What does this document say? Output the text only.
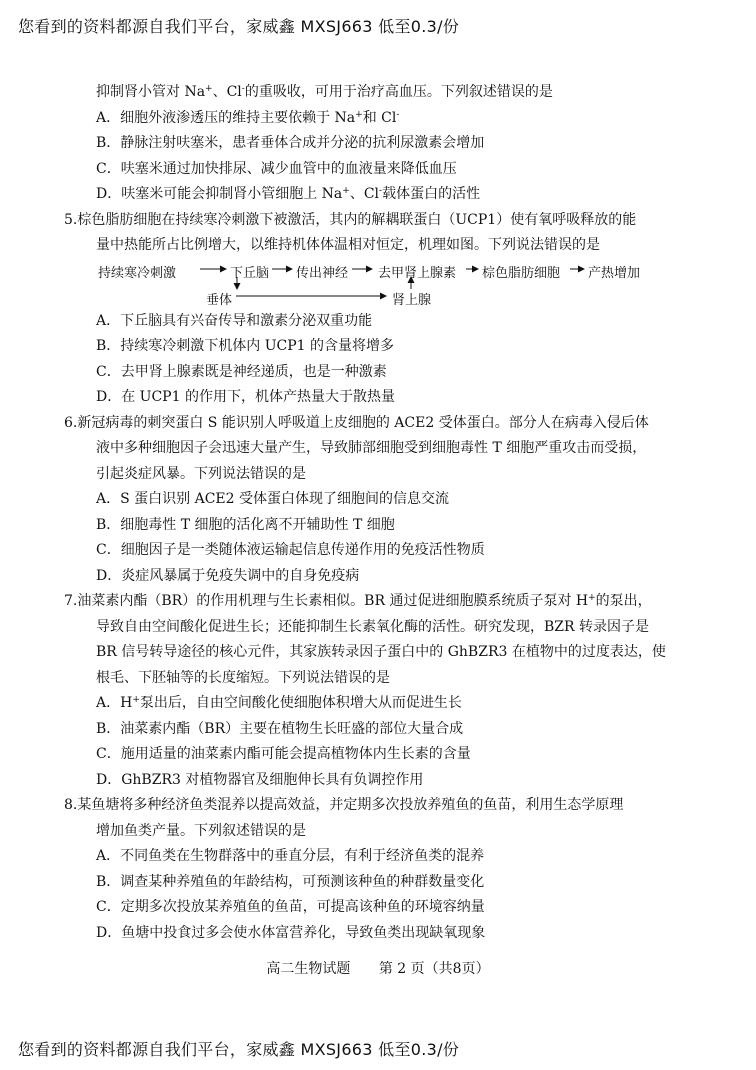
您看到的资料都源自我们平台，家威鑫 MXSJ663 低至0.3/份
抑制肾小管对 Na+、Cl-的重吸收，可用于治疗高血压。下列叙述错误的是
A．细胞外液渗透压的维持主要依赖于 Na+和 Cl-
B．静脉注射呋塞米，患者垂体合成并分泌的抗利尿激素会增加
C．呋塞米通过加快排尿、减少血管中的血液量来降低血压
D．呋塞米可能会抑制肾小管细胞上 Na+、Cl-载体蛋白的活性
5.棕色脂肪细胞在持续寒冷刺激下被激活，其内的解耦联蛋白（UCP1）使有氧呼吸释放的能
量中热能所占比例增大，以维持机体体温相对恒定，机理如图。下列说法错误的是
持续寒冷刺激	下丘脑 传出神经 去甲肾上腺素 棕色脂肪细胞 产热增加
垂体	肾上腺
A．下丘脑具有兴奋传导和激素分泌双重功能
B．持续寒冷刺激下机体内 UCP1 的含量将增多
C．去甲肾上腺素既是神经递质，也是一种激素
D．在 UCP1 的作用下，机体产热量大于散热量
6.新冠病毒的刺突蛋白 S 能识别人呼吸道上皮细胞的 ACE2 受体蛋白。部分人在病毒入侵后体
液中多种细胞因子会迅速大量产生，导致肺部细胞受到细胞毒性 T 细胞严重攻击而受损，
引起炎症风暴。下列说法错误的是
A．S 蛋白识别 ACE2 受体蛋白体现了细胞间的信息交流
B．细胞毒性 T 细胞的活化离不开辅助性 T 细胞
C．细胞因子是一类随体液运输起信息传递作用的免疫活性物质
D．炎症风暴属于免疫失调中的自身免疫病
7.油菜素内酯（BR）的作用机理与生长素相似。BR 通过促进细胞膜系统质子泵对 H+的泵出，
导致自由空间酸化促进生长；还能抑制生长素氧化酶的活性。研究发现，BZR 转录因子是
BR 信号转导途径的核心元件，其家族转录因子蛋白中的 GhBZR3 在植物中的过度表达，使
根毛、下胚轴等的长度缩短。下列说法错误的是
A．H+泵出后，自由空间酸化使细胞体积增大从而促进生长
B．油菜素内酯（BR）主要在植物生长旺盛的部位大量合成
C．施用适量的油菜素内酯可能会提高植物体内生长素的含量
D．GhBZR3 对植物器官及细胞伸长具有负调控作用
8.某鱼塘将多种经济鱼类混养以提高效益，并定期多次投放养殖鱼的鱼苗，利用生态学原理
增加鱼类产量。下列叙述错误的是
A．不同鱼类在生物群落中的垂直分层，有利于经济鱼类的混养
B．调查某种养殖鱼的年龄结构，可预测该种鱼的种群数量变化
C．定期多次投放某养殖鱼的鱼苗，可提高该种鱼的环境容纳量
D．鱼塘中投食过多会使水体富营养化，导致鱼类出现缺氧现象
高二生物试题 第 2 页（共8页）
您看到的资料都源自我们平台，家威鑫 MXSJ663 低至0.3/份
